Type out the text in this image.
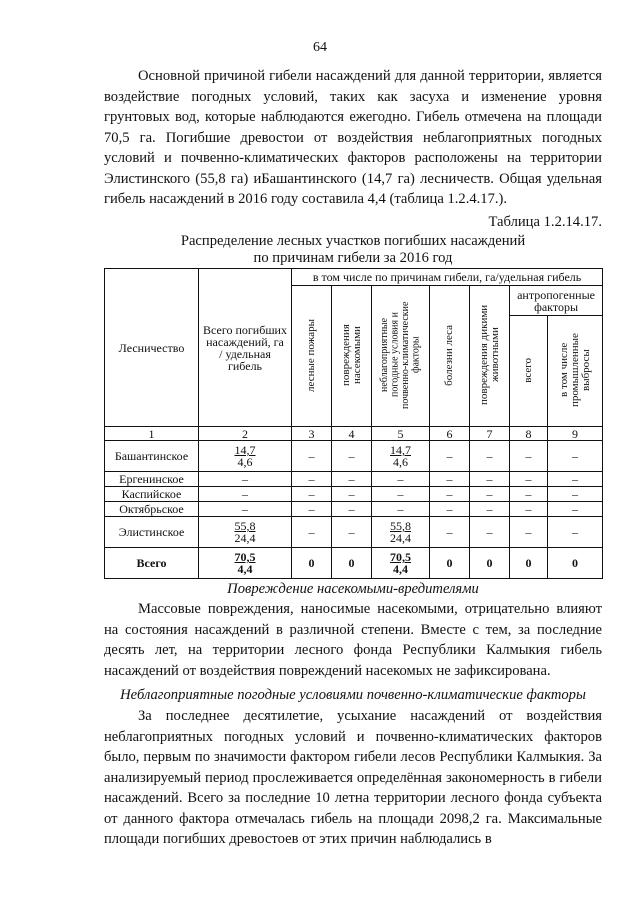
64

Основной причиной гибели насаждений для данной территории, является воздействие погодных условий, таких как засуха и изменение уровня грунтовых вод, которые наблюдаются ежегодно. Гибель отмечена на площади 70,5 га. Погибшие древостои от воздействия неблагоприятных погодных условий и почвенно-климатических факторов расположены на территории Элистинского (55,8 га) иБашантинского (14,7 га) лесничеств. Общая удельная гибель насаждений в 2016 году составила 4,4 (таблица 1.2.4.17.).

Таблица 1.2.14.17.
Распределение лесных участков погибших насаждений
по причинам гибели за 2016 год
Лесничество	Всего погибших насаждений, га / удельная гибель	в том числе по причинам гибели, га/удельная гибель						
		лесные пожары	повреждения насекомыми	неблагоприятные погодные условия и почвенно-климатические факторы	болезни леса	повреждения дикими животными	антропогенные факторы	
							всего	в том числе промышленные выбросы
1	2	3	4	5	6	7	8	9
Башантинское	$\frac{14,7}{4,6}$	–	–	$\frac{14,7}{4,6}$	–	–	–	–
Ергенинское	–	–	–	–	–	–	–	–
Каспийское	–	–	–	–	–	–	–	–
Октябрьское	–	–	–	–	–	–	–	–
Элистинское	$\frac{55,8}{24,4}$	–	–	$\frac{55,8}{24,4}$	–	–	–	–
Всего	$\frac{70,5}{4,4}$	0	0	$\frac{70,5}{4,4}$	0	0	0	0
Повреждение насекомыми-вредителями

Массовые повреждения, наносимые насекомыми, отрицательно влияют на состояния насаждений в различной степени. Вместе с тем, за последние десять лет, на территории лесного фонда Республики Калмыкия гибель насаждений от воздействия повреждений насекомых не зафиксирована.

Неблагоприятные погодные условиями почвенно-климатические факторы

За последнее десятилетие, усыхание насаждений от воздействия неблагоприятных погодных условий и почвенно-климатических факторов было, первым по значимости фактором гибели лесов Республики Калмыкия. За анализируемый период прослеживается определённая закономерность в гибели насаждений. Всего за последние 10 летна территории лесного фонда субъекта от данного фактора отмечалась гибель на площади 2098,2 га. Максимальные площади погибших древостоев от этих причин наблюдались в
